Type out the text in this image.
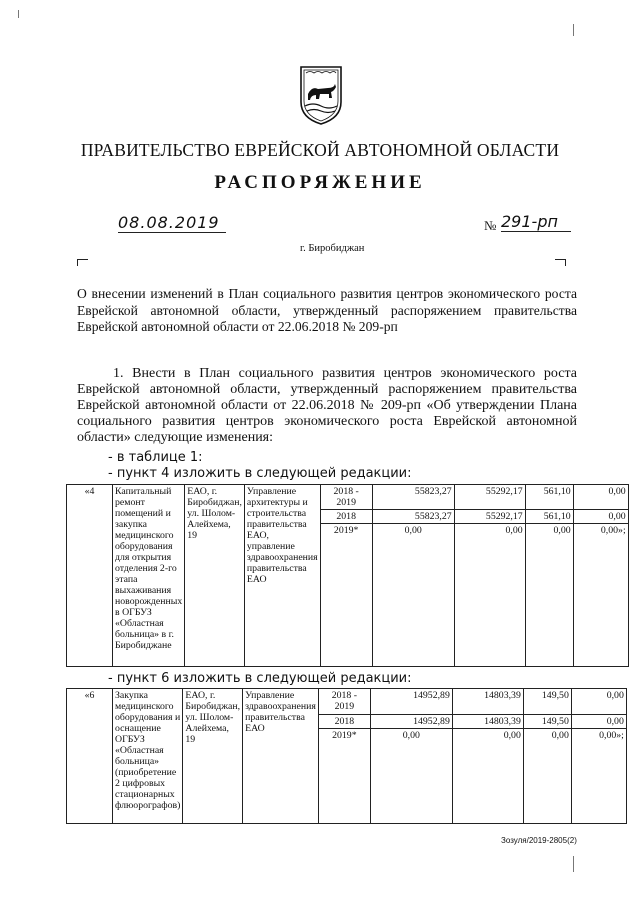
ПРАВИТЕЛЬСТВО ЕВРЕЙСКОЙ АВТОНОМНОЙ ОБЛАСТИ
РАСПОРЯЖЕНИЕ
08.08.2019	№ 291-рп
г. Биробиджан

О внесении изменений в План социального развития центров экономического роста Еврейской автономной области, утвержденный распоряжением правительства Еврейской автономной области от 22.06.2018 № 209-рп

1. Внести в План социального развития центров экономического роста Еврейской автономной области, утвержденный распоряжением правительства Еврейской автономной области от 22.06.2018 № 209-рп «Об утверждении Плана социального развития центров экономического роста Еврейской автономной области» следующие изменения:

- в таблице 1:

- пункт 4 изложить в следующей редакции:

«4	Капитальный ремонт помещений и закупка медицинского оборудования для открытия отделения 2-го этапа выхаживания новорожденных в ОГБУЗ «Областная больница» в г. Биробиджане	ЕАО, г. Биробиджан, ул. Шолом-Алейхема, 19	Управление архитектуры и строительства правительства ЕАО, управление здравоохранения правительства ЕАО	2018 - 2019	55823,27	55292,17	561,10	0,00
				2018	55823,27	55292,17	561,10	0,00
				2019*	0,00	0,00	0,00	0,00»;

- пункт 6 изложить в следующей редакции:

«6	Закупка медицинского оборудования и оснащение ОГБУЗ «Областная больница» (приобретение 2 цифровых стационарных флюорографов)	ЕАО, г. Биробиджан, ул. Шолом-Алейхема, 19	Управление здравоохранения правительства ЕАО	2018 - 2019	14952,89	14803,39	149,50	0,00
				2018	14952,89	14803,39	149,50	0,00
				2019*	0,00	0,00	0,00	0,00»;
Зозуля/2019-2805(2)
